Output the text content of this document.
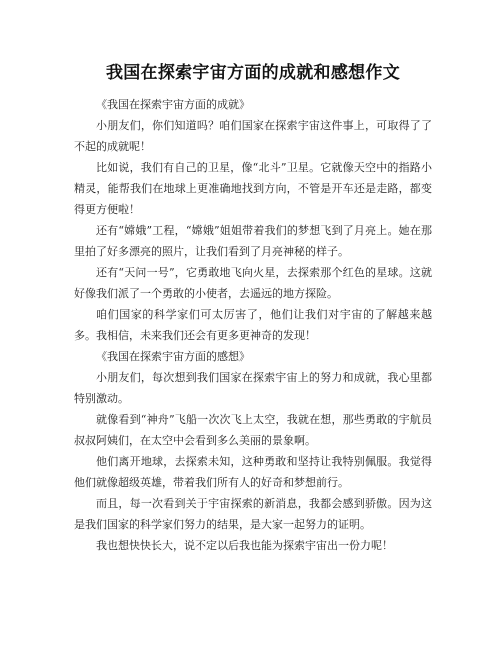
我国在探索宇宙方面的成就和感想作文

《我国在探索宇宙方面的成就》

小朋友们，你们知道吗？咱们国家在探索宇宙这件事上，可取得了了不起的成就呢！

比如说，我们有自己的卫星，像“北斗”卫星。它就像天空中的指路小精灵，能帮我们在地球上更准确地找到方向，不管是开车还是走路，都变得更方便啦！

还有“嫦娥”工程，“嫦娥”姐姐带着我们的梦想飞到了月亮上。她在那里拍了好多漂亮的照片，让我们看到了月亮神秘的样子。

还有“天问一号”，它勇敢地飞向火星，去探索那个红色的星球。这就好像我们派了一个勇敢的小使者，去遥远的地方探险。

咱们国家的科学家们可太厉害了，他们让我们对宇宙的了解越来越多。我相信，未来我们还会有更多更神奇的发现！

《我国在探索宇宙方面的感想》

小朋友们，每次想到我们国家在探索宇宙上的努力和成就，我心里都特别激动。

就像看到“神舟”飞船一次次飞上太空，我就在想，那些勇敢的宇航员叔叔阿姨们，在太空中会看到多么美丽的景象啊。

他们离开地球，去探索未知，这种勇敢和坚持让我特别佩服。我觉得他们就像超级英雄，带着我们所有人的好奇和梦想前行。

而且，每一次看到关于宇宙探索的新消息，我都会感到骄傲。因为这是我们国家的科学家们努力的结果，是大家一起努力的证明。

我也想快快长大，说不定以后我也能为探索宇宙出一份力呢！
